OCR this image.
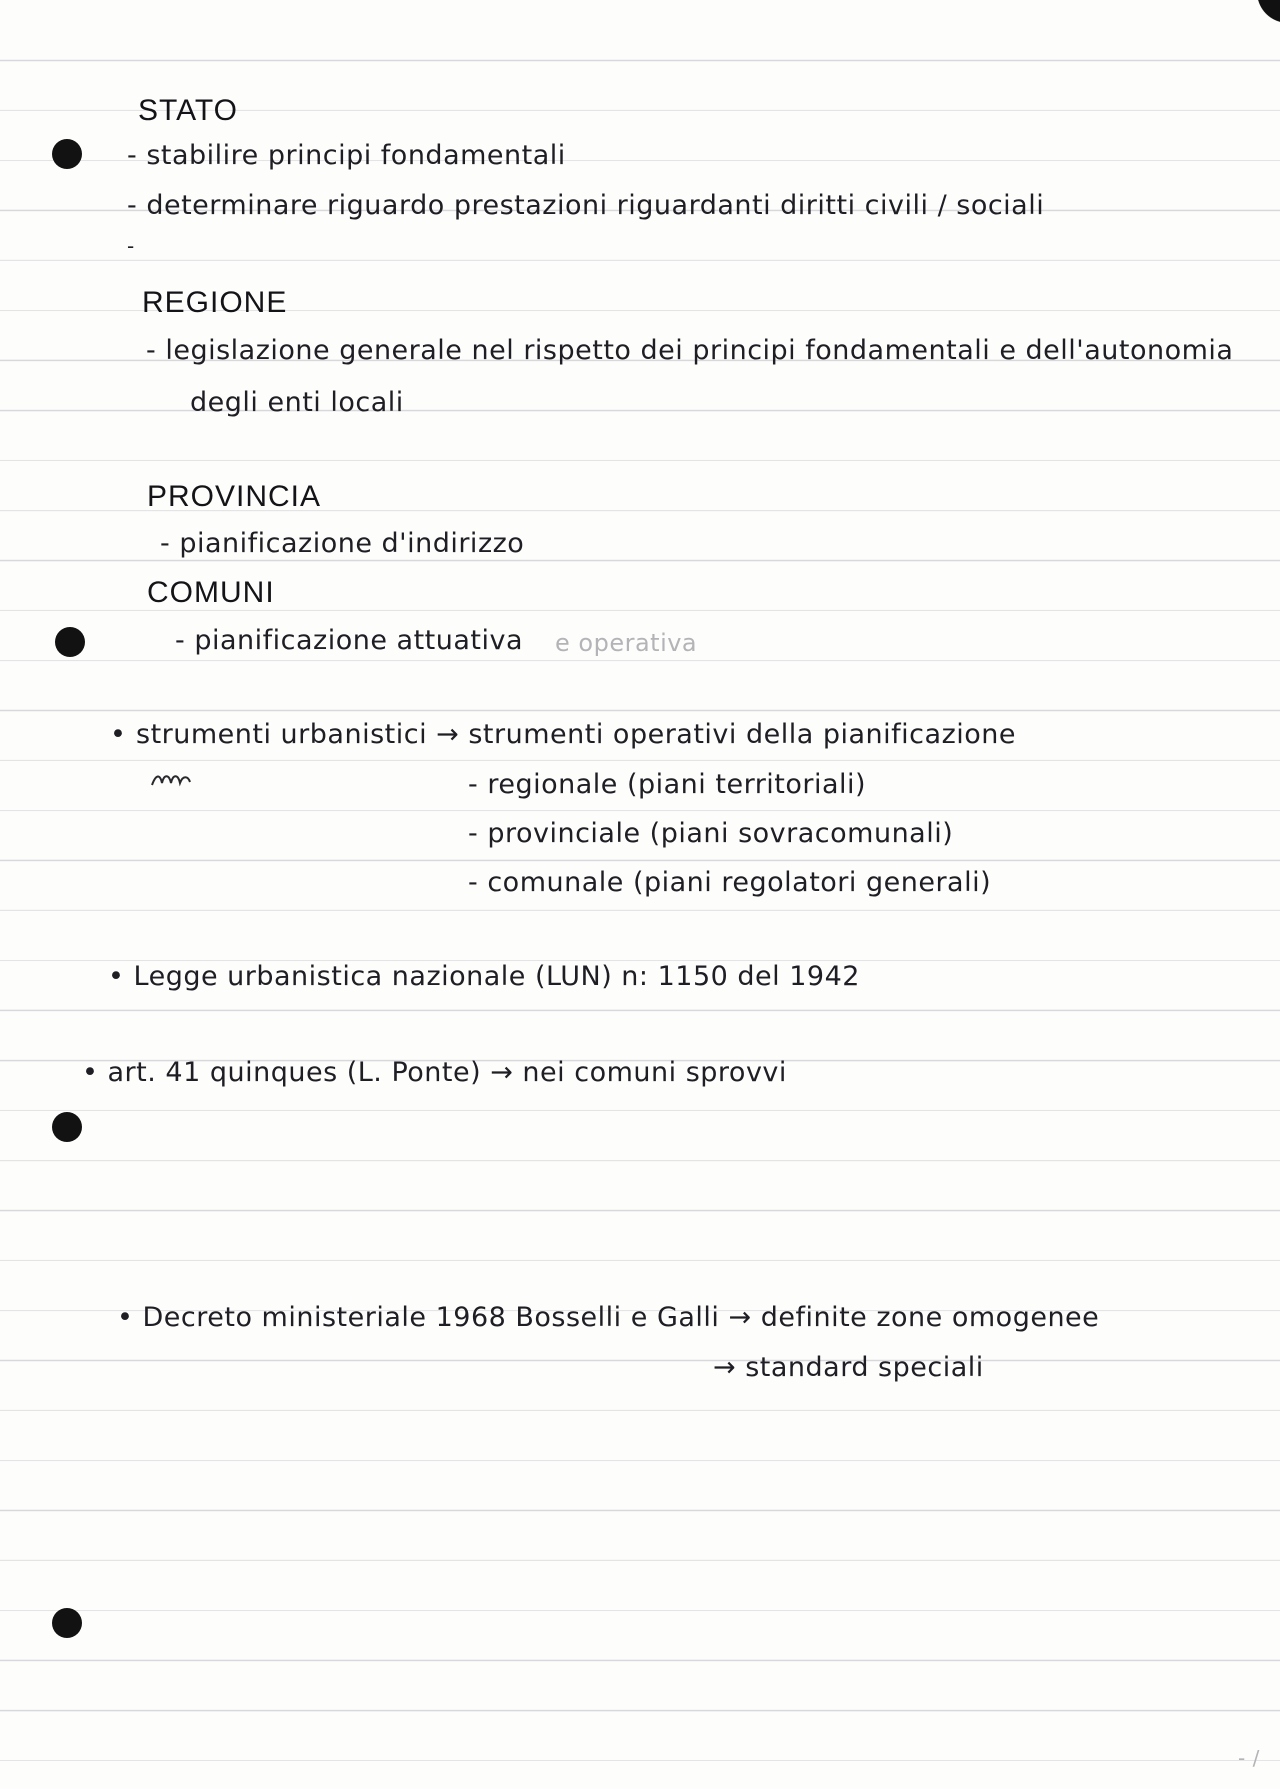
STATO
- stabilire principi fondamentali
- determinare riguardo prestazioni riguardanti diritti civili / sociali
-
REGIONE
- legislazione generale nel rispetto dei principi fondamentali e dell'autonomia
degli enti locali
PROVINCIA
- pianificazione d'indirizzo
COMUNI
- pianificazione attuativa e operativa
• strumenti urbanistici → strumenti operativi della pianificazione
- regionale (piani territoriali)
- provinciale (piani sovracomunali)
- comunale (piani regolatori generali)
• Legge urbanistica nazionale (LUN) n: 1150 del 1942
• art. 41 quinques (L. Ponte) → nei comuni sprovvi
• Decreto ministeriale 1968 Bosselli e Galli → definite zone omogenee
→ standard speciali
- /
